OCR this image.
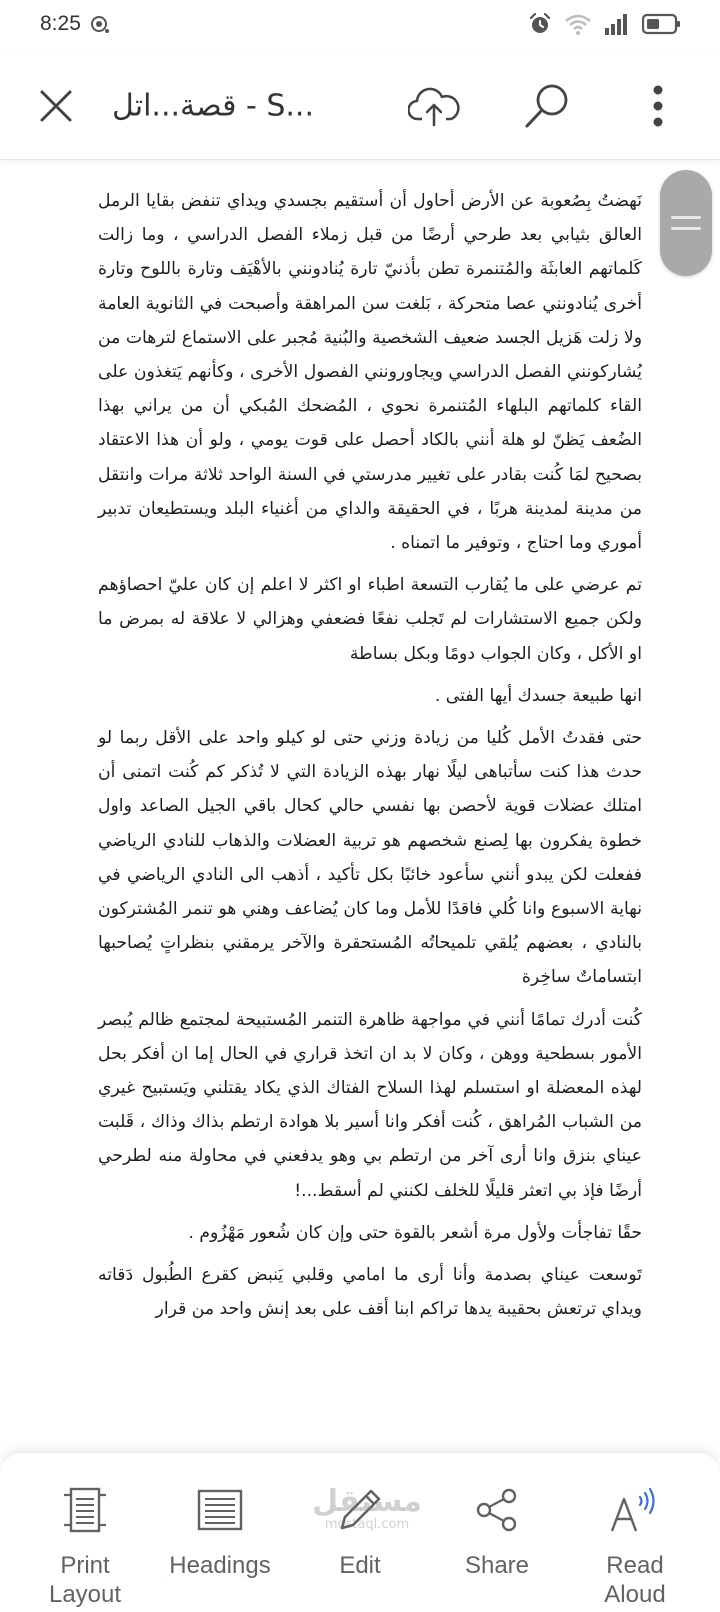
8:25
قصة...اتل - S...

نَهضتُ بِصُعوبة عن الأرض أحاول أن أستقيم بجسدي ويداي تنفض بقايا الرمل العالق بثيابي بعد طرحي أرضًا من قبل زملاء الفصل الدراسي ، وما زالت كَلماتهم العابثَة والمُتنمرة تطن بأذنيّ تارة يُنادونني بالأهْيَف وتارة باللوح وتارة أخرى يُنادونني عصا متحركة ، بَلغت سن المراهقة وأصبحت في الثانوية العامة ولا زلت هَزيل الجسد ضعيف الشخصية والبُنية مُجبر على الاستماع لترهات من يُشاركونني الفصل الدراسي ويجاورونني الفصول الأخرى ، وكأنهم يَتغذون على القاء كلماتهم البلهاء المُتنمرة نحوي ، المُضحك المُبكي أن من يراني بهذا الضُعف يَظنّ لو هلة أنني بالكاد أحصل على قوت يومي ، ولو أن هذا الاعتقاد بصحيح لمَا كُنت بقادر على تغيير مدرستي في السنة الواحد ثلاثة مرات وانتقل من مدينة لمدينة هربًا ، في الحقيقة والداي من أغنياء البلد ويستطيعان تدبير أموري وما احتاج ، وتوفير ما اتمناه .

تم عرضي على ما يُقارب التسعة اطباء او اكثر لا اعلم إن كان عليّ احصاؤهم ولكن جميع الاستشارات لم تَجلب نفعًا فضعفي وهزالي لا علاقة له بمرض ما او الأكل ، وكان الجواب دومًا وبكل بساطة

انها طبيعة جسدك أيها الفتى .

حتى فقدتُ الأمل كُليا من زيادة وزني حتى لو كيلو واحد على الأقل ربما لو حدث هذا كنت سأتباهى ليلًا نهار بهذه الزيادة التي لا تُذكر كم كُنت اتمنى أن امتلك عضلات قوية لأحصن بها نفسي حالي كحال باقي الجيل الصاعد واول خطوة يفكرون بها لِصنع شخصهم هو تربية العضلات والذهاب للنادي الرياضي ففعلت لكن يبدو أنني سأعود خائبًا بكل تأكيد ، أذهب الى النادي الرياضي في نهاية الاسبوع وانا كُلي فاقدًا للأمل وما كان يُضاعف وهني هو تنمر المُشتركون بالنادي ، بعضهم يُلقي تلميحاتُه المُستحقرة والآخر يرمقني بنظراتٍ يُصاحبها ابتساماتٌ ساخِرة

كُنت أدرك تمامًا أنني في مواجهة ظاهرة التنمر المُستبيحة لمجتمع ظالم يُبصر الأمور بسطحية ووهن ، وكان لا بد ان اتخذ قراري في الحال إما ان أفكر بحل لهذه المعضلة او استسلم لهذا السلاح الفتاك الذي يكاد يقتلني ويَستبيح غيري من الشباب المُراهق ، كُنت أفكر وانا أسير بلا هوادة ارتطم بذاك وذاك ، قَلبت عيناي بنزق وانا أرى آخر من ارتطم بي وهو يدفعني في محاولة منه لطرحي أرضًا فإذ بي اتعثر قليلًا للخلف لكنني لم أسقط...!

حقًا تفاجأت ولأول مرة أشعر بالقوة حتى وإن كان شُعور مَهْزُوم .

تَوسعت عيناي بصدمة وأنا أرى ما امامي وقلبي يَنبض كقرع الطُبول دَقاته ويداي ترتعش بحقيبة يدها تراكم ابنا أقف على بعد إنش واحد من قرار

Print
Layout
Headings	Edit	Share	Read
Aloud
مستقل
mostaql.com
